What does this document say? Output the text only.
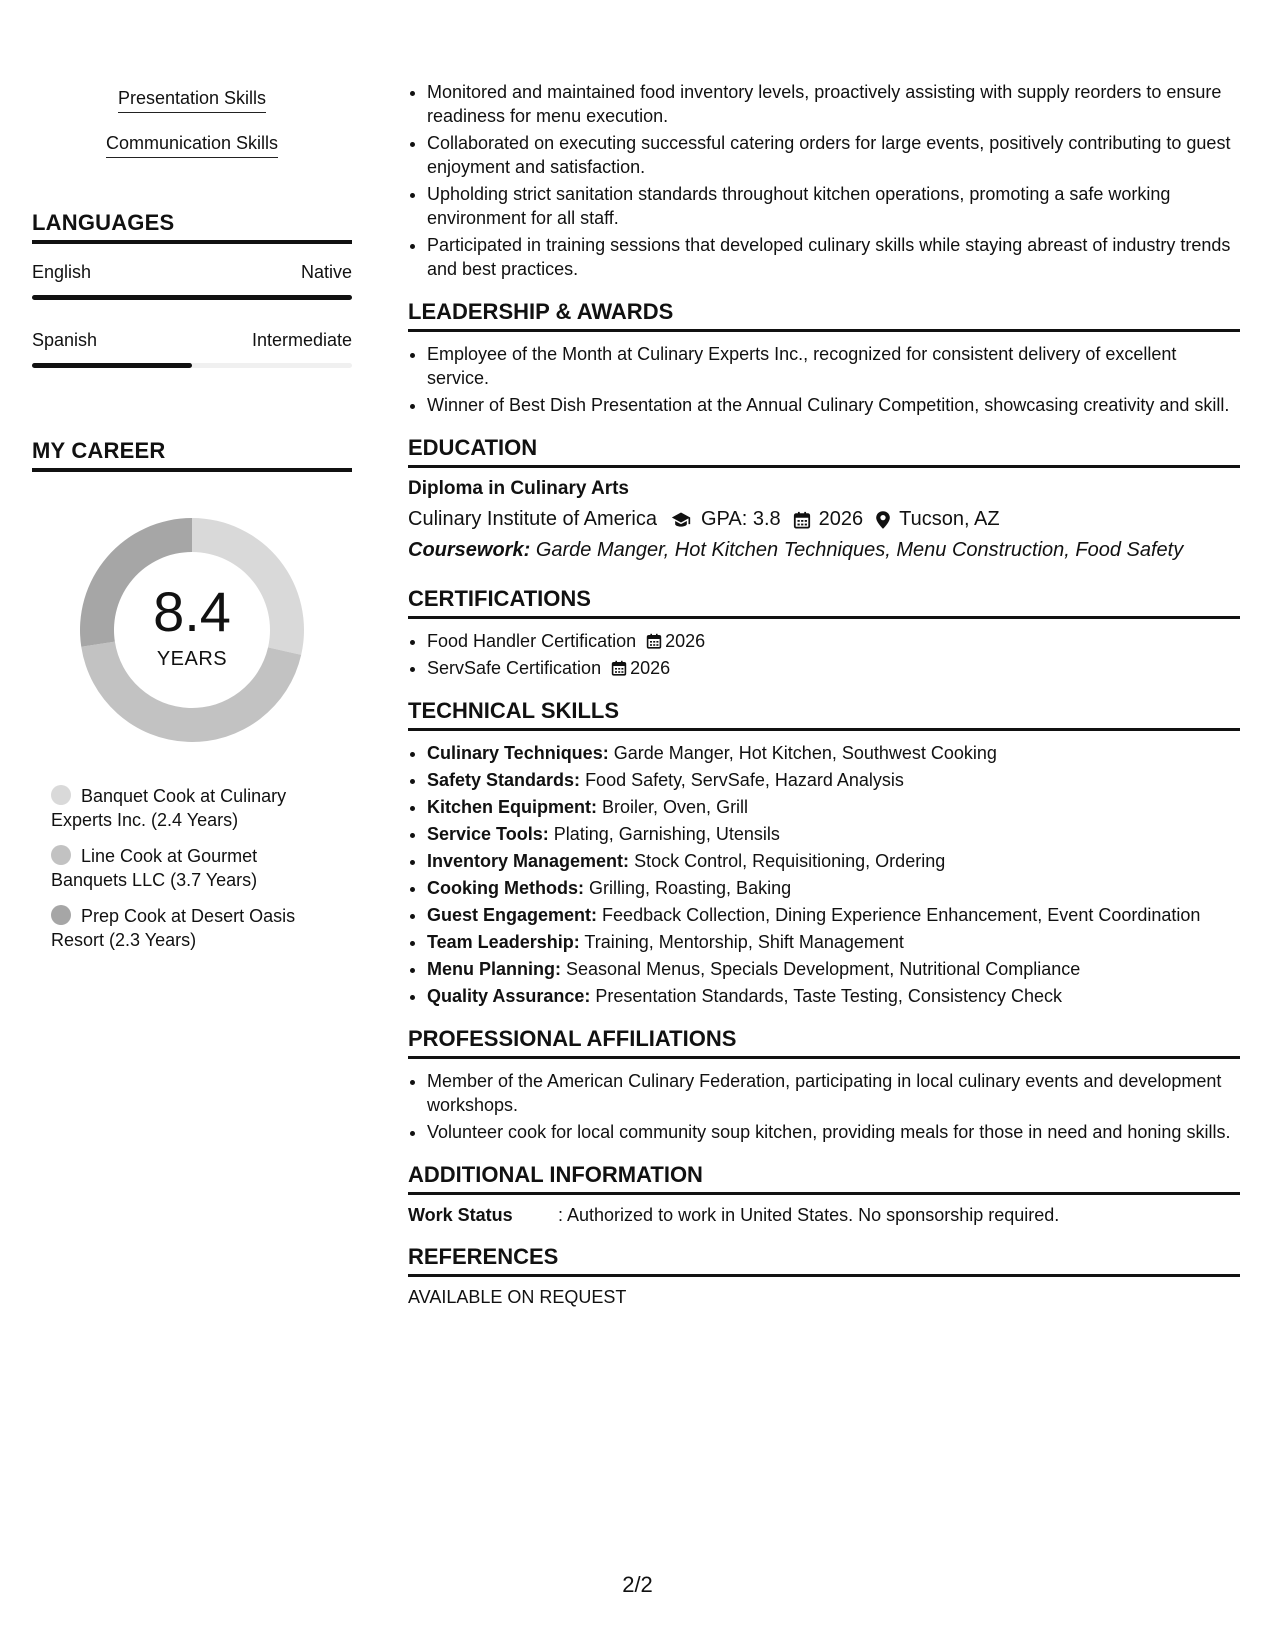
Presentation Skills
Communication Skills
LANGUAGES
English	Native
Spanish	Intermediate
MY CAREER
8.4
YEARS
Banquet Cook at Culinary Experts Inc. (2.4 Years)
Line Cook at Gourmet Banquets LLC (3.7 Years)
Prep Cook at Desert Oasis Resort (2.3 Years)
• Monitored and maintained food inventory levels, proactively assisting with supply reorders to ensure readiness for menu execution.
• Collaborated on executing successful catering orders for large events, positively contributing to guest enjoyment and satisfaction.
• Upholding strict sanitation standards throughout kitchen operations, promoting a safe working environment for all staff.
• Participated in training sessions that developed culinary skills while staying abreast of industry trends and best practices.
LEADERSHIP & AWARDS
• Employee of the Month at Culinary Experts Inc., recognized for consistent delivery of excellent service.
• Winner of Best Dish Presentation at the Annual Culinary Competition, showcasing creativity and skill.
EDUCATION
Diploma in Culinary Arts
Culinary Institute of America GPA: 3.8 2026 Tucson, AZ
Coursework: Garde Manger, Hot Kitchen Techniques, Menu Construction, Food Safety
CERTIFICATIONS
• Food Handler Certification 2026
• ServSafe Certification 2026
TECHNICAL SKILLS
• Culinary Techniques: Garde Manger, Hot Kitchen, Southwest Cooking
• Safety Standards: Food Safety, ServSafe, Hazard Analysis
• Kitchen Equipment: Broiler, Oven, Grill
• Service Tools: Plating, Garnishing, Utensils
• Inventory Management: Stock Control, Requisitioning, Ordering
• Cooking Methods: Grilling, Roasting, Baking
• Guest Engagement: Feedback Collection, Dining Experience Enhancement, Event Coordination
• Team Leadership: Training, Mentorship, Shift Management
• Menu Planning: Seasonal Menus, Specials Development, Nutritional Compliance
• Quality Assurance: Presentation Standards, Taste Testing, Consistency Check
PROFESSIONAL AFFILIATIONS
• Member of the American Culinary Federation, participating in local culinary events and development workshops.
• Volunteer cook for local community soup kitchen, providing meals for those in need and honing skills.
ADDITIONAL INFORMATION
Work Status	: Authorized to work in United States. No sponsorship required.
REFERENCES
AVAILABLE ON REQUEST
2/2
